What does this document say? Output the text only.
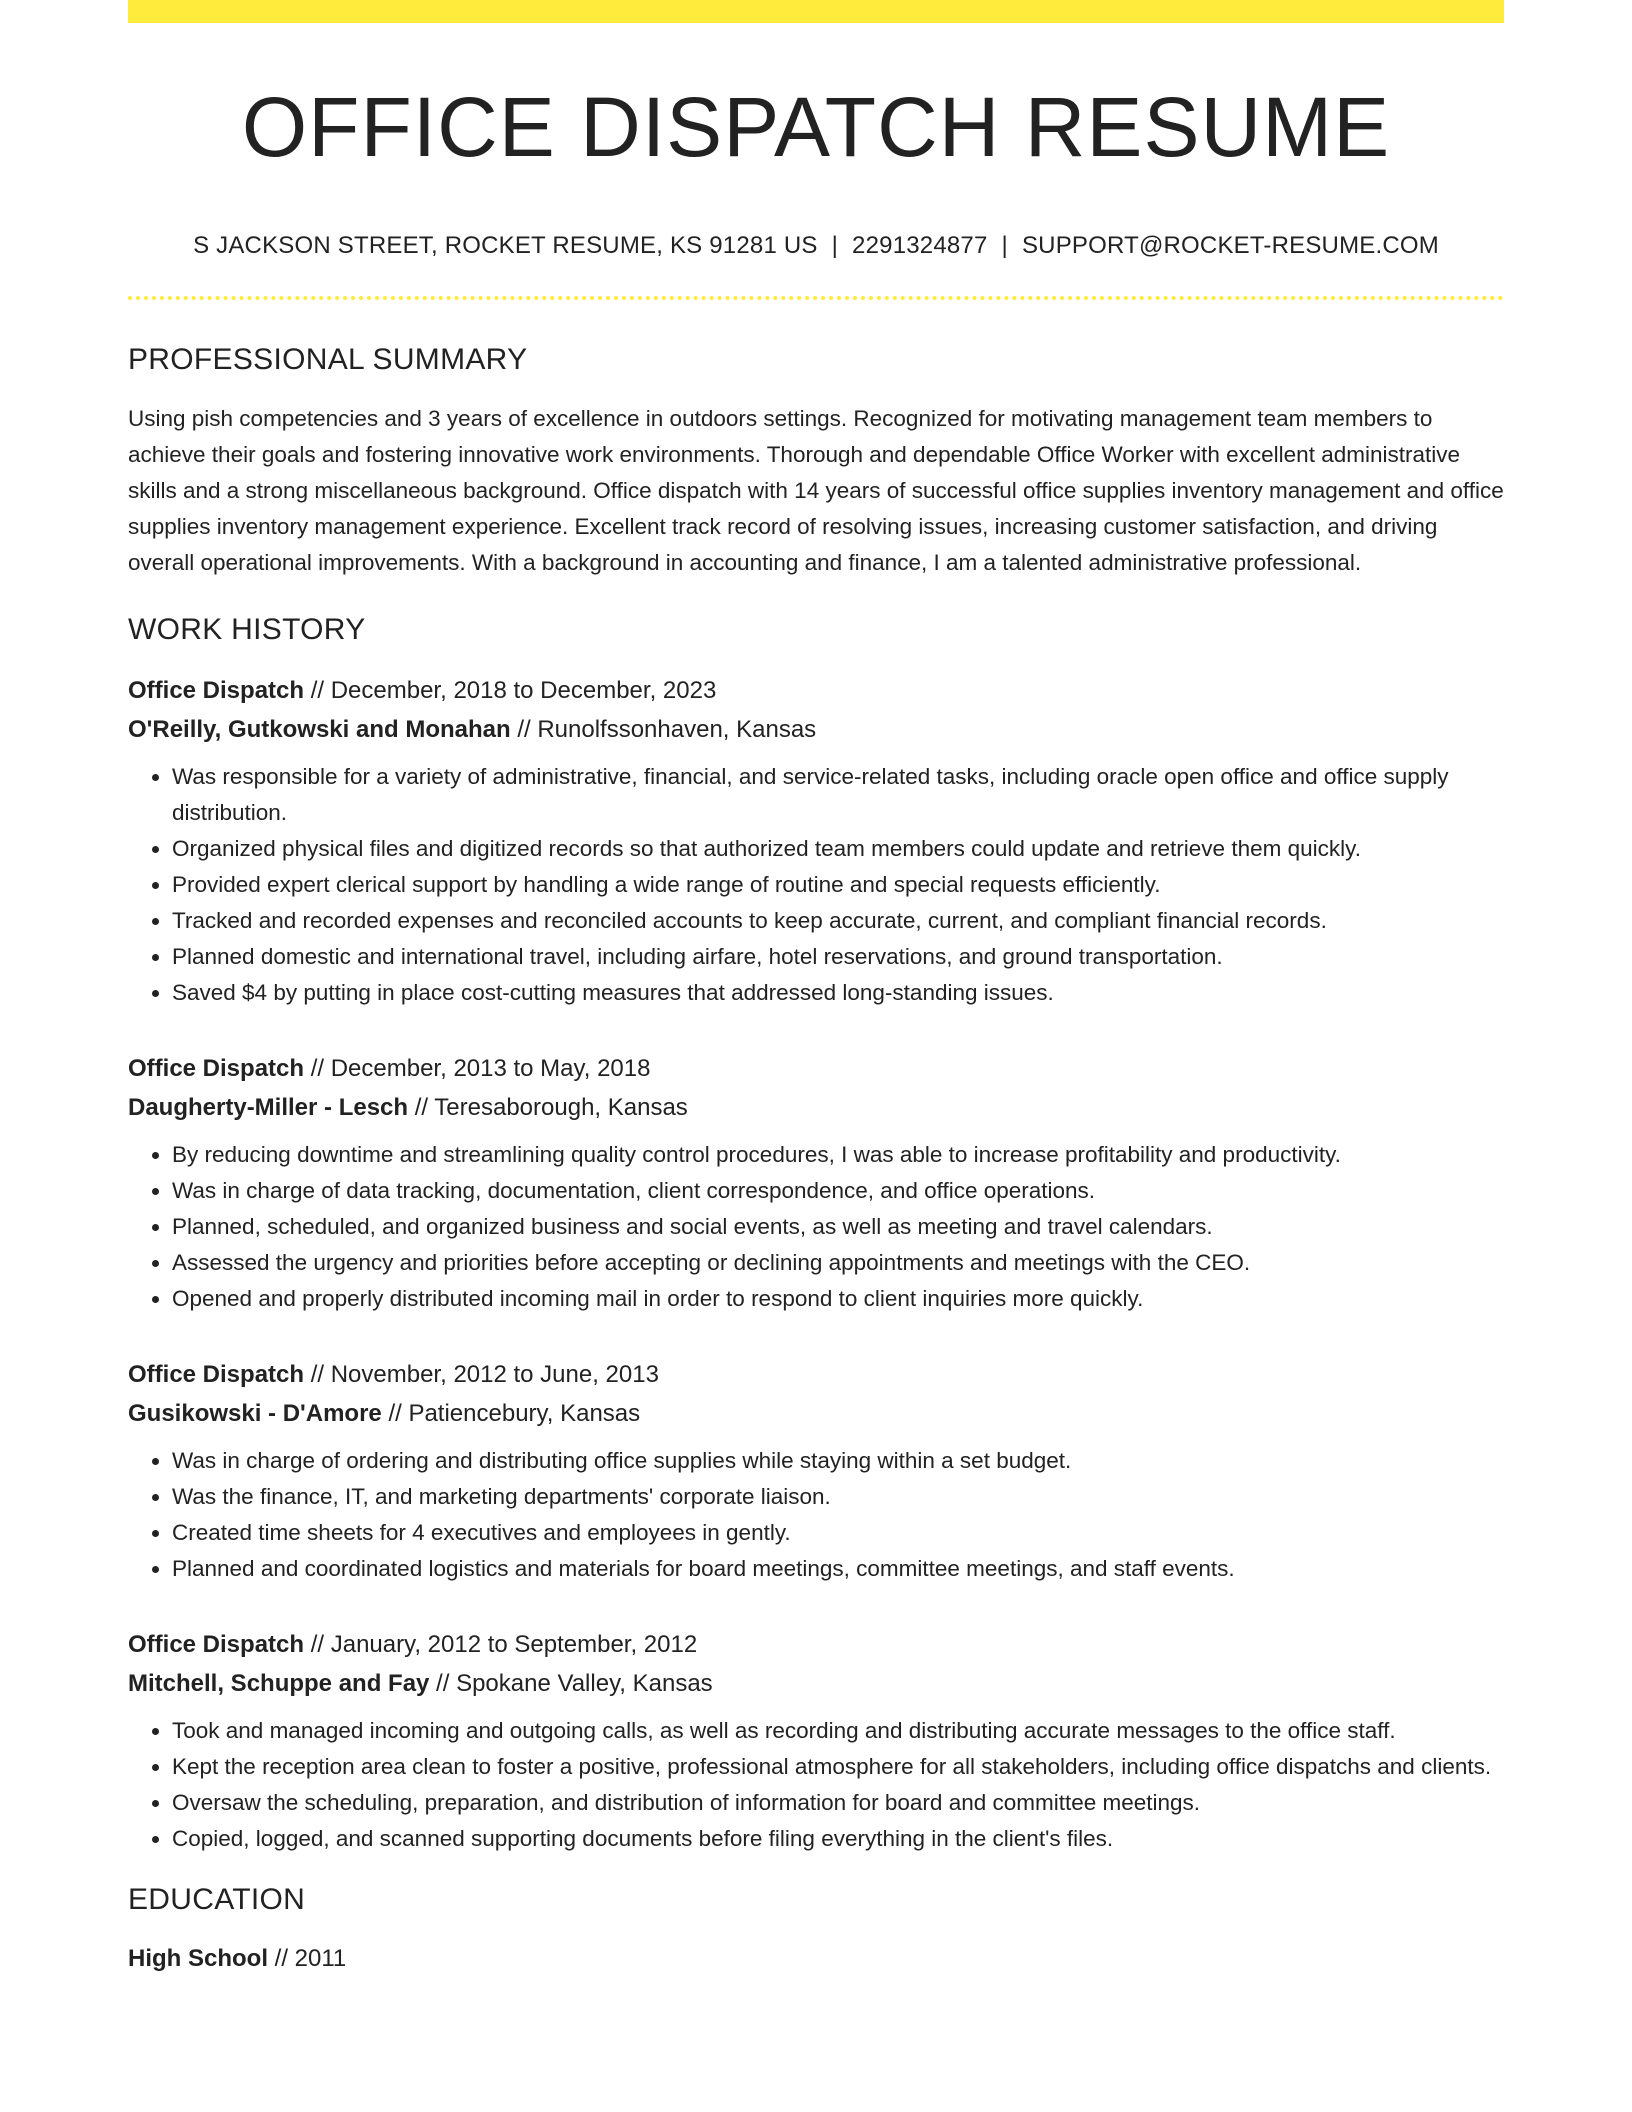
OFFICE DISPATCH RESUME
S JACKSON STREET, ROCKET RESUME, KS 91281 US | 2291324877 | SUPPORT@ROCKET-RESUME.COM
PROFESSIONAL SUMMARY
Using pish competencies and 3 years of excellence in outdoors settings. Recognized for motivating management team members to achieve their goals and fostering innovative work environments. Thorough and dependable Office Worker with excellent administrative skills and a strong miscellaneous background. Office dispatch with 14 years of successful office supplies inventory management and office supplies inventory management experience. Excellent track record of resolving issues, increasing customer satisfaction, and driving overall operational improvements. With a background in accounting and finance, I am a talented administrative professional.
WORK HISTORY
Office Dispatch // December, 2018 to December, 2023
O'Reilly, Gutkowski and Monahan // Runolfssonhaven, Kansas
• Was responsible for a variety of administrative, financial, and service-related tasks, including oracle open office and office supply distribution.
• Organized physical files and digitized records so that authorized team members could update and retrieve them quickly.
• Provided expert clerical support by handling a wide range of routine and special requests efficiently.
• Tracked and recorded expenses and reconciled accounts to keep accurate, current, and compliant financial records.
• Planned domestic and international travel, including airfare, hotel reservations, and ground transportation.
• Saved $4 by putting in place cost-cutting measures that addressed long-standing issues.
Office Dispatch // December, 2013 to May, 2018
Daugherty-Miller - Lesch // Teresaborough, Kansas
• By reducing downtime and streamlining quality control procedures, I was able to increase profitability and productivity.
• Was in charge of data tracking, documentation, client correspondence, and office operations.
• Planned, scheduled, and organized business and social events, as well as meeting and travel calendars.
• Assessed the urgency and priorities before accepting or declining appointments and meetings with the CEO.
• Opened and properly distributed incoming mail in order to respond to client inquiries more quickly.
Office Dispatch // November, 2012 to June, 2013
Gusikowski - D'Amore // Patiencebury, Kansas
• Was in charge of ordering and distributing office supplies while staying within a set budget.
• Was the finance, IT, and marketing departments' corporate liaison.
• Created time sheets for 4 executives and employees in gently.
• Planned and coordinated logistics and materials for board meetings, committee meetings, and staff events.
Office Dispatch // January, 2012 to September, 2012
Mitchell, Schuppe and Fay // Spokane Valley, Kansas
• Took and managed incoming and outgoing calls, as well as recording and distributing accurate messages to the office staff.
• Kept the reception area clean to foster a positive, professional atmosphere for all stakeholders, including office dispatchs and clients.
• Oversaw the scheduling, preparation, and distribution of information for board and committee meetings.
• Copied, logged, and scanned supporting documents before filing everything in the client's files.
EDUCATION
High School // 2011
